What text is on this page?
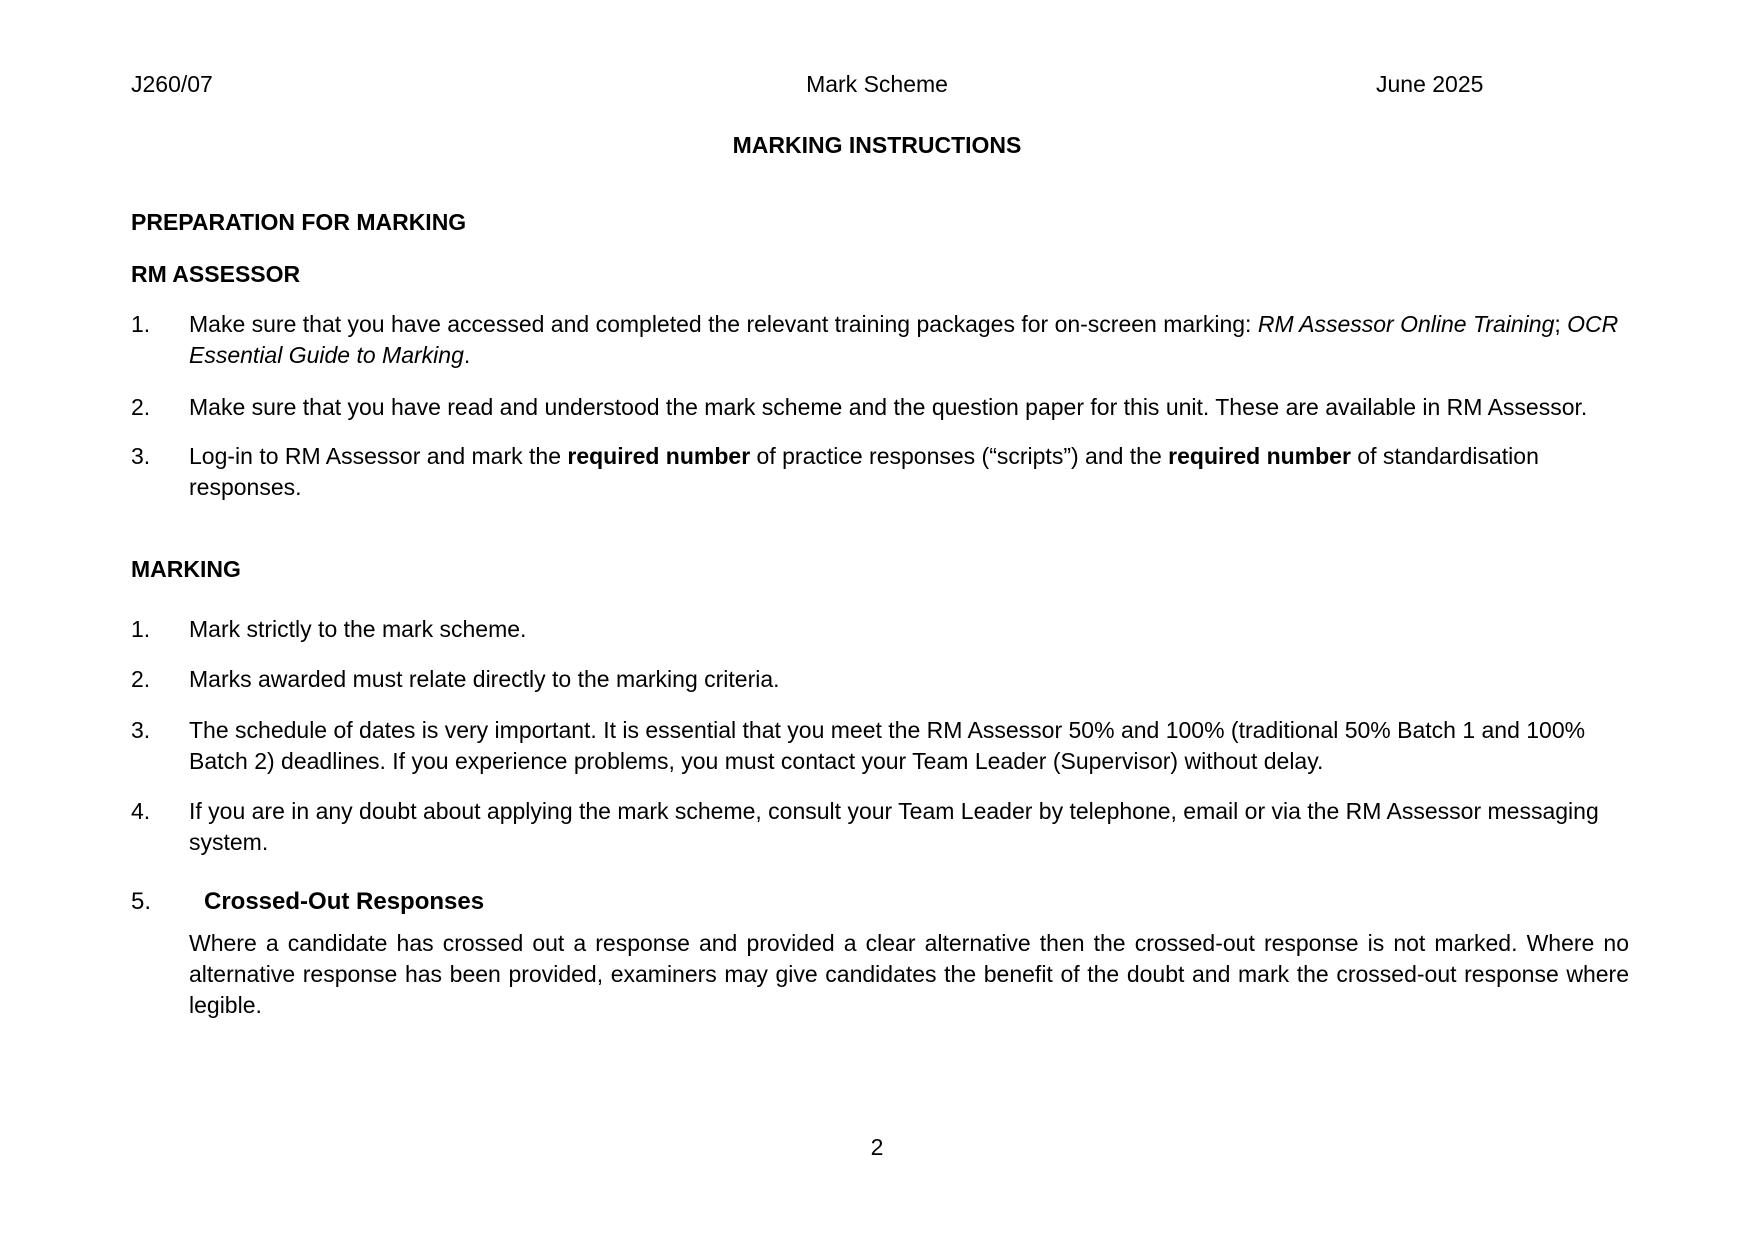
J260/07	Mark Scheme	June 2025
MARKING INSTRUCTIONS
PREPARATION FOR MARKING
RM ASSESSOR
1. Make sure that you have accessed and completed the relevant training packages for on-screen marking: RM Assessor Online Training; OCR Essential Guide to Marking.
2. Make sure that you have read and understood the mark scheme and the question paper for this unit. These are available in RM Assessor.
3. Log-in to RM Assessor and mark the required number of practice responses (“scripts”) and the required number of standardisation responses.
MARKING
1. Mark strictly to the mark scheme.
2. Marks awarded must relate directly to the marking criteria.
3. The schedule of dates is very important. It is essential that you meet the RM Assessor 50% and 100% (traditional 50% Batch 1 and 100% Batch 2) deadlines. If you experience problems, you must contact your Team Leader (Supervisor) without delay.
4. If you are in any doubt about applying the mark scheme, consult your Team Leader by telephone, email or via the RM Assessor messaging system.
5. Crossed-Out Responses
Where a candidate has crossed out a response and provided a clear alternative then the crossed-out response is not marked. Where no alternative response has been provided, examiners may give candidates the benefit of the doubt and mark the crossed-out response where legible.
2
